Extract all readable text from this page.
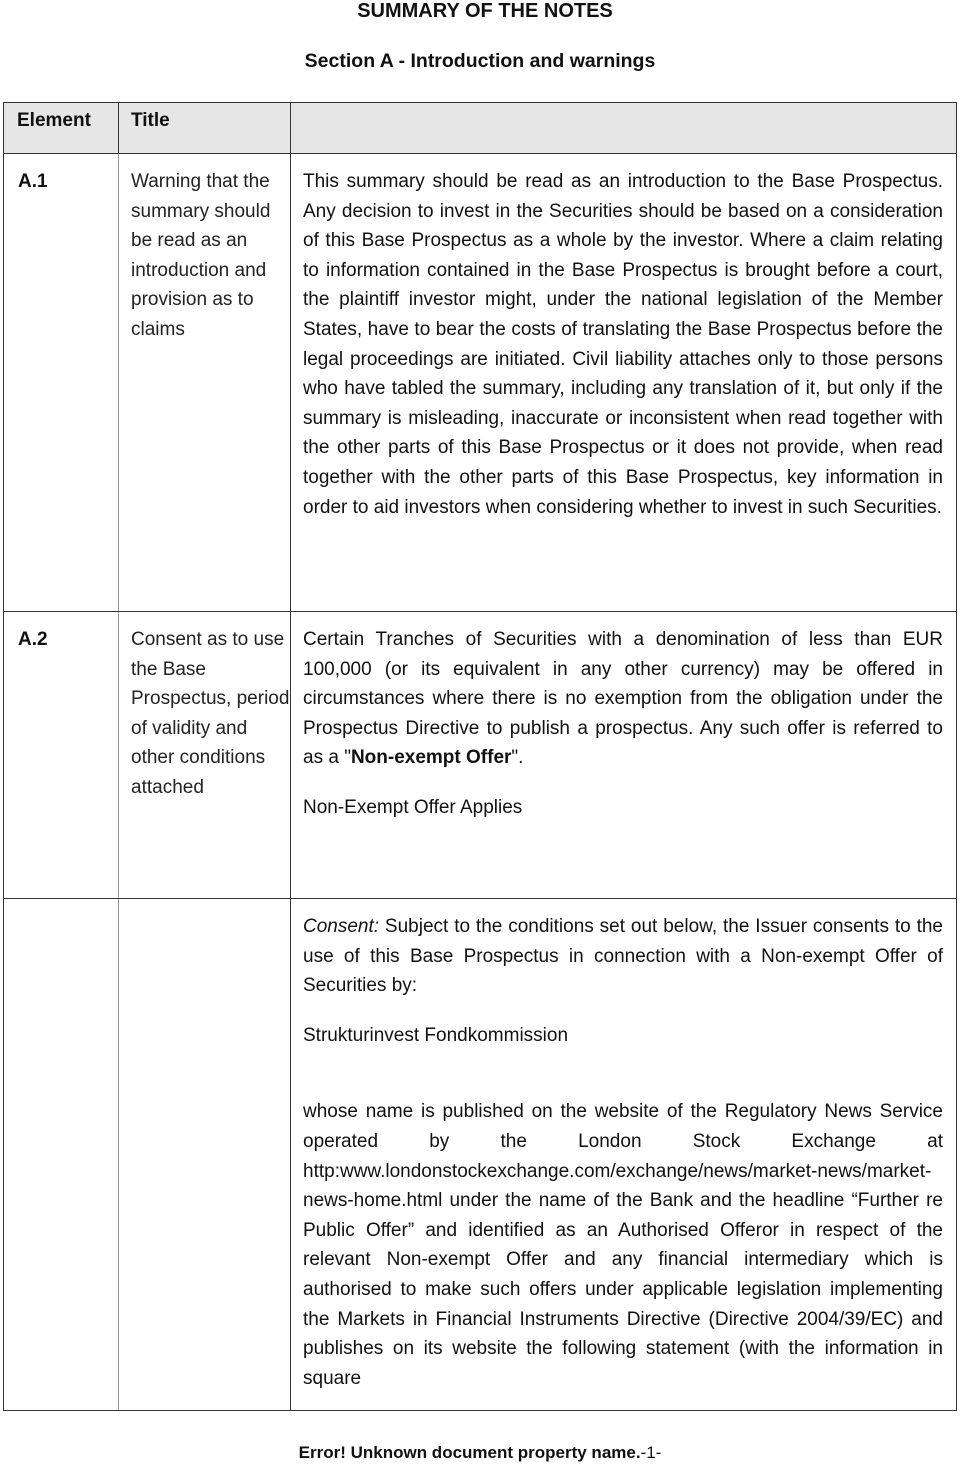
SUMMARY OF THE NOTES
Section A - Introduction and warnings
Element	Title	
A.1	Warning that the summary should be read as an introduction and provision as to claims	This summary should be read as an introduction to the Base Prospectus. Any decision to invest in the Securities should be based on a consideration of this Base Prospectus as a whole by the investor. Where a claim relating to information contained in the Base Prospectus is brought before a court, the plaintiff investor might, under the national legislation of the Member States, have to bear the costs of translating the Base Prospectus before the legal proceedings are initiated. Civil liability attaches only to those persons who have tabled the summary, including any translation of it, but only if the summary is misleading, inaccurate or inconsistent when read together with the other parts of this Base Prospectus or it does not provide, when read together with the other parts of this Base Prospectus, key information in order to aid investors when considering whether to invest in such Securities.

A.2	Consent as to use the Base Prospectus, period of validity and other conditions attached	Certain Tranches of Securities with a denomination of less than EUR 100,000 (or its equivalent in any other currency) may be offered in circumstances where there is no exemption from the obligation under the Prospectus Directive to publish a prospectus. Any such offer is referred to as a "Non-exempt Offer".

Non-Exempt Offer Applies

		Consent: Subject to the conditions set out below, the Issuer consents to the use of this Base Prospectus in connection with a Non-exempt Offer of Securities by:

Strukturinvest Fondkommission

whose name is published on the website of the Regulatory News Service operated by the London Stock Exchange at http:www.londonstockexchange.com/exchange/news/market-news/market-news-home.html under the name of the Bank and the headline “Further re Public Offer” and identified as an Authorised Offeror in respect of the relevant Non-exempt Offer and any financial intermediary which is authorised to make such offers under applicable legislation implementing the Markets in Financial Instruments Directive (Directive 2004/39/EC) and publishes on its website the following statement (with the information in square

Error! Unknown document property name.-1-
